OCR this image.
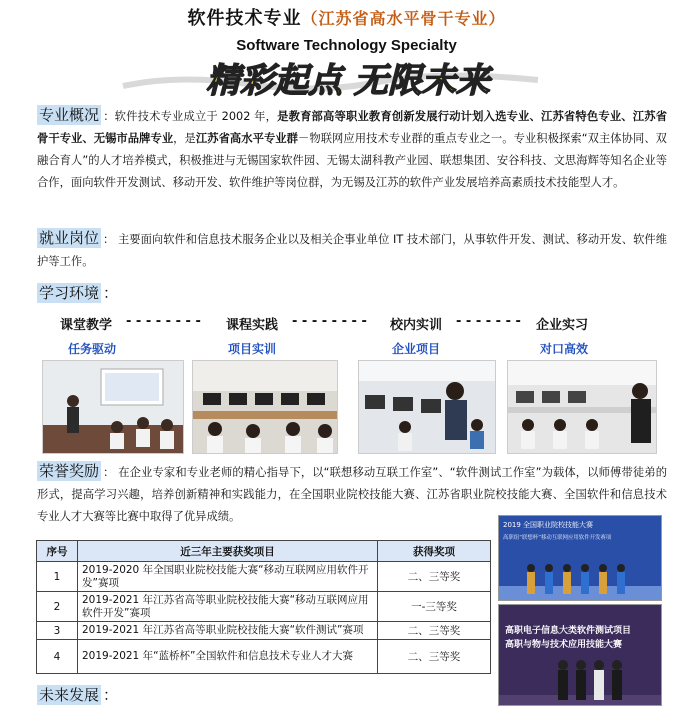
软件技术专业（江苏省高水平骨干专业）
Software Technology Specialty
精彩起点 无限未来
专业概况 ：软件技术专业成立于 2002 年，是教育部高等职业教育创新发展行动计划入选专业、江苏省特色专业、江苏省骨干专业、无锡市品牌专业，是江苏省高水平专业群－物联网应用技术专业群的重点专业之一。专业积极探索“双主体协同、双融合育人”的人才培养模式，积极推进与无锡国家软件园、无锡太湖科教产业园、联想集团、安谷科技、文思海辉等知名企业等合作，面向软件开发测试、移动开发、软件维护等岗位群，为无锡及江苏的软件产业发展培养高素质技术技能型人才。
就业岗位 ： 主要面向软件和信息技术服务企业以及相关企事业单位 IT 技术部门，从事软件开发、测试、移动开发、软件维护等工作。
学习环境 ：
课堂教学 - - - - - - - - 课程实践 - - - - - - - - 校内实训 - - - - - - - 企业实习
任务驱动	项目实训	企业项目	对口高效
荣誉奖励 ： 在企业专家和专业老师的精心指导下，以“联想移动互联工作室”、“软件测试工作室”为载体，以师傅带徒弟的形式，提高学习兴趣，培养创新精神和实践能力，在全国职业院校技能大赛、江苏省职业院校技能大赛、全国软件和信息技术专业人才大赛等比赛中取得了优异成绩。
序号	近三年主要获奖项目	获得奖项
1	2019-2020 年全国职业院校技能大赛“移动互联网应用软件开发”赛项	二、三等奖
2	2019-2021 年江苏省高等职业院校技能大赛“移动互联网应用软件开发”赛项	一-三等奖
3	2019-2021 年江苏省高等职业院校技能大赛“软件测试”赛项	二、三等奖
4	2019-2021 年“蓝桥杯”全国软件和信息技术专业人才大赛	二、三等奖
2019 全国职业院校技能大赛
高职组“联想杯”移动互联网应用软件开发赛项
高职电子信息大类软件测试项目
高职与物与技术应用技能大赛
未来发展 ：
